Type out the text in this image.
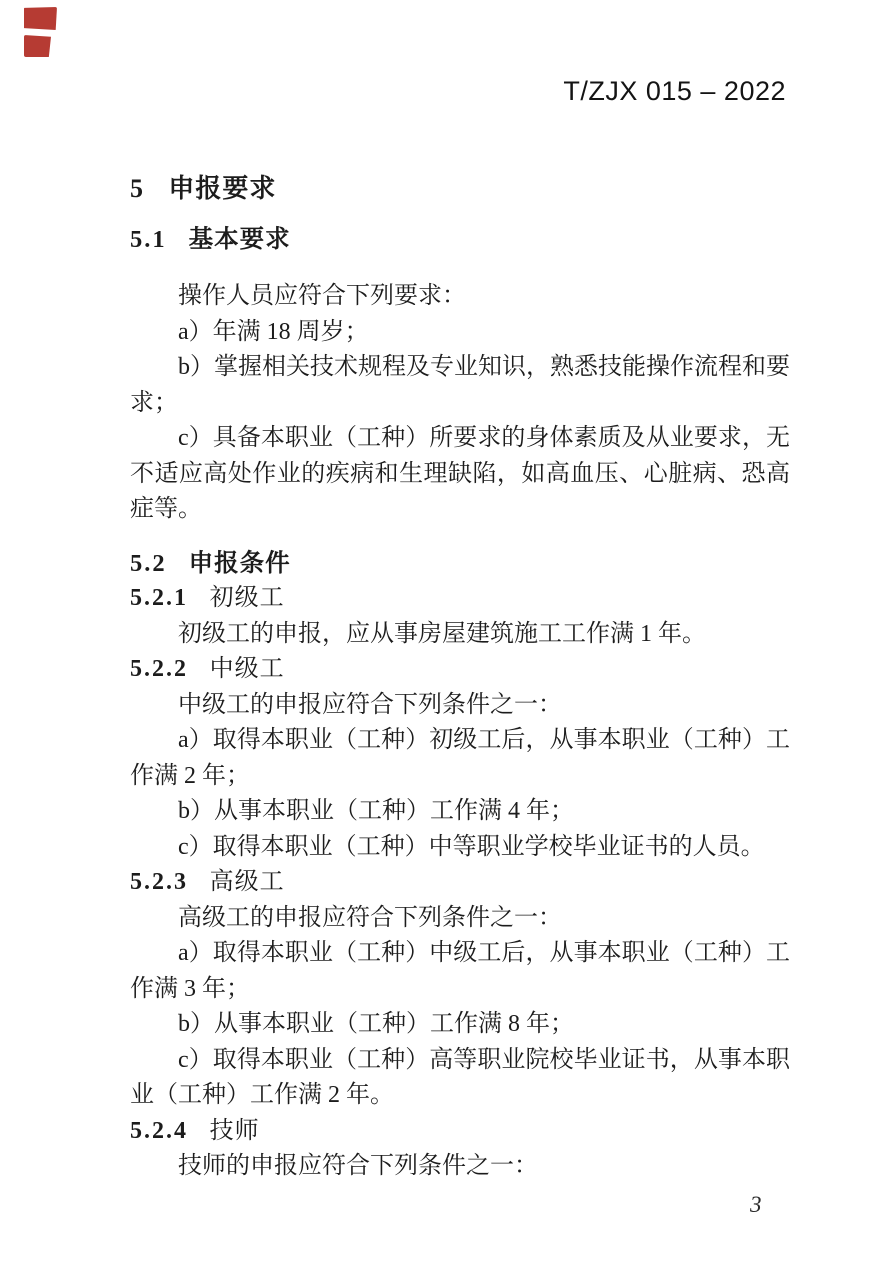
T/ZJX 015 – 2022
5 申报要求
5.1 基本要求
操作人员应符合下列要求：
a）年满 18 周岁；
b）掌握相关技术规程及专业知识，熟悉技能操作流程和要求；
c）具备本职业（工种）所要求的身体素质及从业要求，无不适应高处作业的疾病和生理缺陷，如高血压、心脏病、恐高症等。
5.2 申报条件
5.2.1 初级工
初级工的申报，应从事房屋建筑施工工作满 1 年。
5.2.2 中级工
中级工的申报应符合下列条件之一：
a）取得本职业（工种）初级工后，从事本职业（工种）工作满 2 年；
b）从事本职业（工种）工作满 4 年；
c）取得本职业（工种）中等职业学校毕业证书的人员。
5.2.3 高级工
高级工的申报应符合下列条件之一：
a）取得本职业（工种）中级工后，从事本职业（工种）工作满 3 年；
b）从事本职业（工种）工作满 8 年；
c）取得本职业（工种）高等职业院校毕业证书，从事本职业（工种）工作满 2 年。
5.2.4 技师
技师的申报应符合下列条件之一：
3
